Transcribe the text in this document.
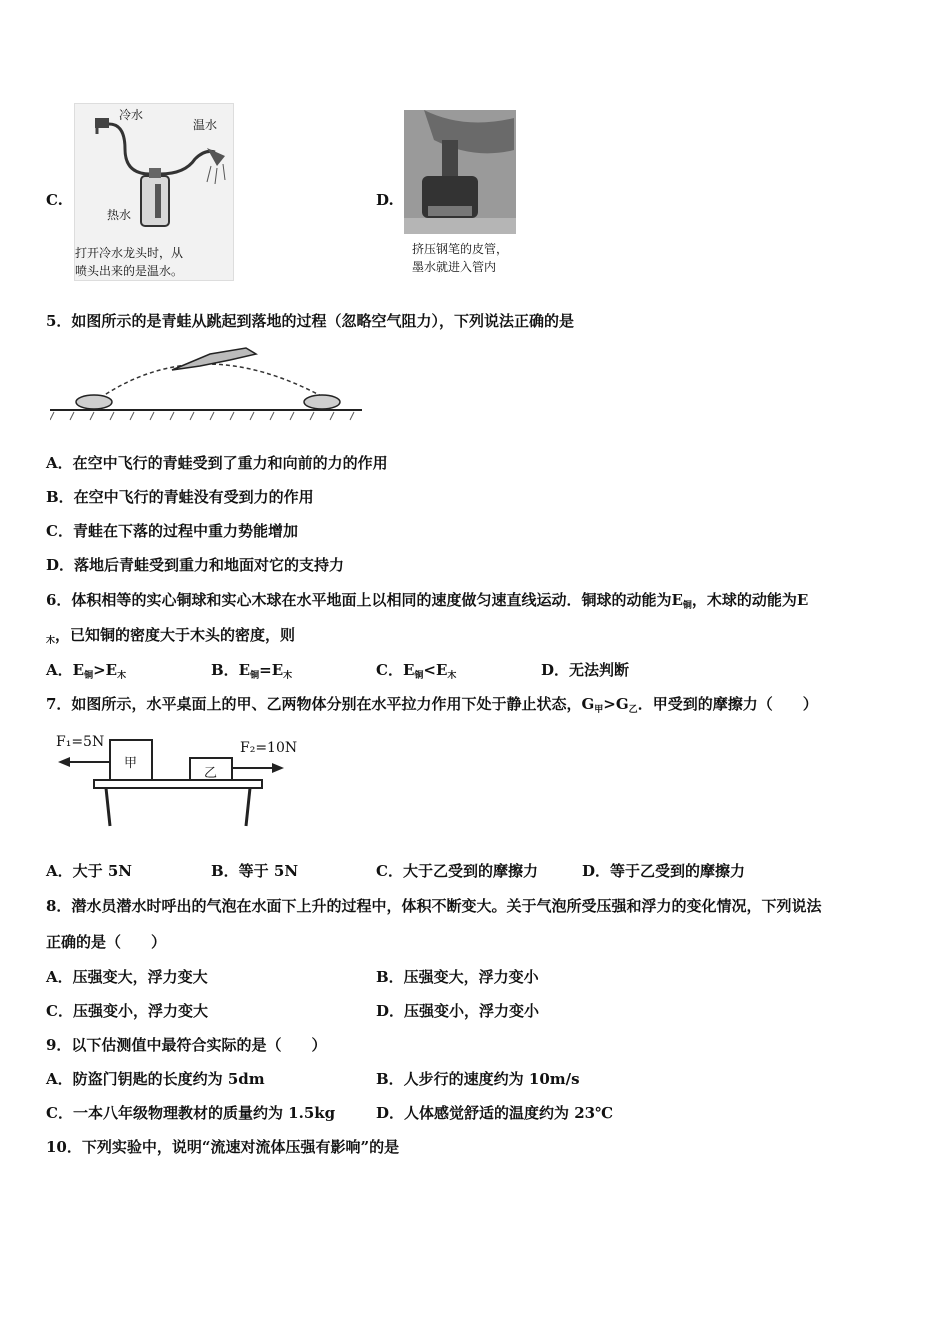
C.
冷水
温水
热水
打开冷水龙头时，从
喷头出来的是温水。
D.
挤压钢笔的皮管，
墨水就进入管内
5．如图所示的是青蛙从跳起到落地的过程（忽略空气阻力），下列说法正确的是
A．在空中飞行的青蛙受到了重力和向前的力的作用
B．在空中飞行的青蛙没有受到力的作用
C．青蛙在下落的过程中重力势能增加
D．落地后青蛙受到重力和地面对它的支持力
6．体积相等的实心铜球和实心木球在水平地面上以相同的速度做匀速直线运动．铜球的动能为$E_铜$，木球的动能为E
$_木$，已知铜的密度大于木头的密度，则
A．$E_铜>E_木$	B．$E_铜=E_木$	C．$E_铜<E_木$	D．无法判断
7．如图所示，水平桌面上的甲、乙两物体分别在水平拉力作用下处于静止状态，$G_甲>G_乙$．甲受到的摩擦力（　　）
F₁=5N	F₂=10N
甲
乙
A．大于 5N	B．等于 5N	C．大于乙受到的摩擦力	D．等于乙受到的摩擦力
8．潜水员潜水时呼出的气泡在水面下上升的过程中，体积不断变大。关于气泡所受压强和浮力的变化情况，下列说法
正确的是（　　）
A．压强变大，浮力变大	B．压强变大，浮力变小
C．压强变小，浮力变大	D．压强变小，浮力变小
9．以下估测值中最符合实际的是（　　）
A．防盗门钥匙的长度约为 5dm	B．人步行的速度约为 10m/s
C．一本八年级物理教材的质量约为 1.5kg	D．人体感觉舒适的温度约为 23℃
10．下列实验中，说明“流速对流体压强有影响”的是
